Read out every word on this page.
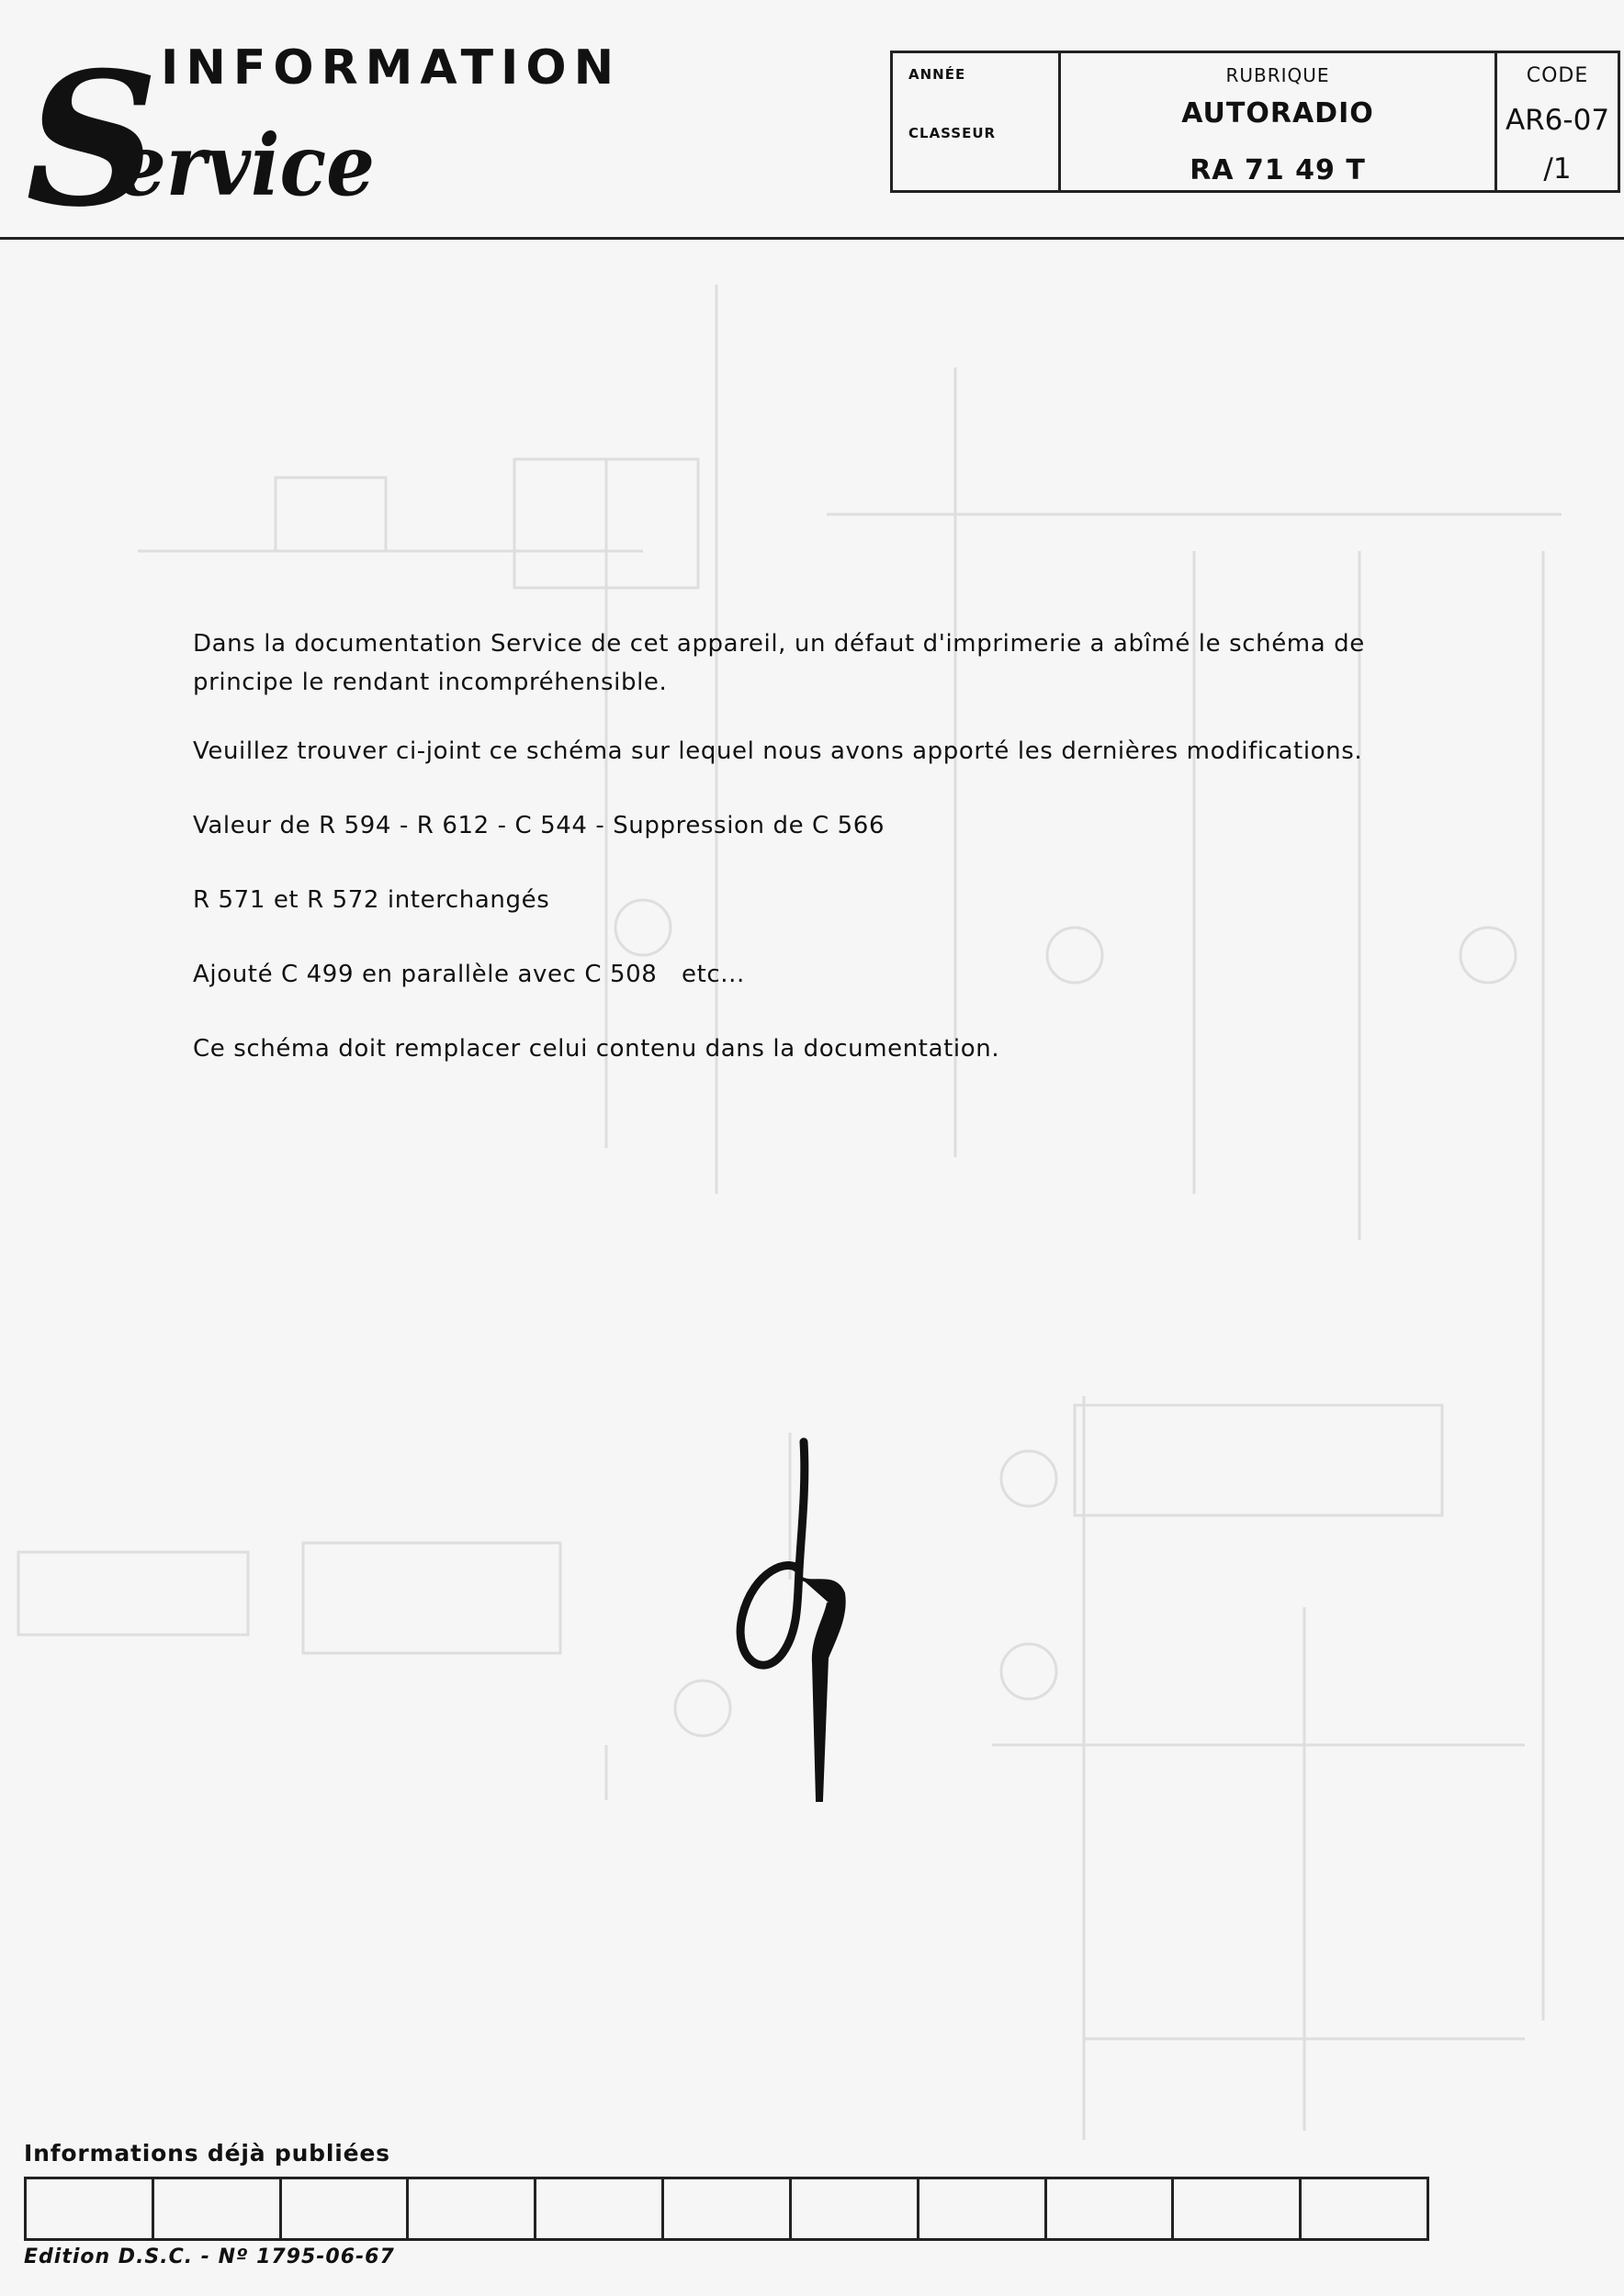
INFORMATION
S
ervice
ANNÉE
CLASSEUR
RUBRIQUE
AUTORADIO
RA 71 49 T
CODE
AR6-07
/1

Dans la documentation Service de cet appareil, un défaut d'imprimerie a abîmé le schéma de principe le rendant incompréhensible.

Veuillez trouver ci-joint ce schéma sur lequel nous avons apporté les dernières modifications.

Valeur de R 594 - R 612 - C 544 - Suppression de C 566

R 571 et R 572 interchangés

Ajouté C 499 en parallèle avec C 508   etc...

Ce schéma doit remplacer celui contenu dans la documentation.

Informations déjà publiées
Edition D.S.C. - Nº 1795-06-67
